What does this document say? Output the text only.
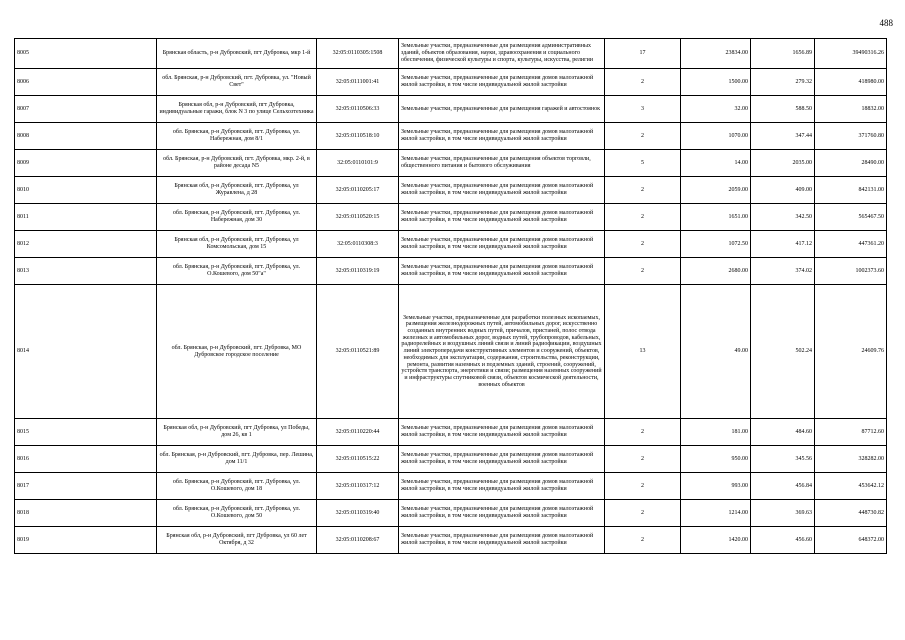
488
8005	Брянская область, р-н Дубровский, пгт Дубровка, мкр 1-й	32:05:0110305:1508	Земельные участки, предназначенные для размещения административных зданий, объектов образования, науки, здравоохранения и социального обеспечения, физической культуры и спорта, культуры, искусства, религии	17	23834.00	1656.89	39490316.26
8006	обл. Брянская, р-н Дубровский, пгт. Дубровка, ул. "Новый Свет"	32:05:0111001:41	Земельные участки, предназначенные для размещения домов малоэтажной жилой застройки, в том числе индивидуальной жилой застройки	2	1500.00	279.32	418980.00
8007	Брянская обл, р-н Дубровский, пгт Дубровка, индивидуальные гаражи, блок N 3 по улице Сельхозтехника	32:05:0110506:33	Земельные участки, предназначенные для размещения гаражей и автостоянок	3	32.00	588.50	18832.00
8008	обл. Брянская, р-н Дубровский, пгт. Дубровка, ул. Набережная, дом 8/1	32:05:0110518:10	Земельные участки, предназначенные для размещения домов малоэтажной жилой застройки, в том числе индивидуальной жилой застройки	2	1070.00	347.44	371760.80
8009	обл. Брянская, р-н Дубровский, пгт. Дубровка, мкр. 2-й, в районе десада N5	32:05:0110101:9	Земельные участки, предназначенные для размещения объектов торговли, общественного питания и бытового обслуживания	5	14.00	2035.00	28490.00
8010	Брянская обл, р-н Дубровский, пгт. Дубровка, ул Журавлена, д 28	32:05:0110205:17	Земельные участки, предназначенные для размещения домов малоэтажной жилой застройки, в том числе индивидуальной жилой застройки	2	2059.00	409.00	842131.00
8011	обл. Брянская, р-н Дубровский, пгт. Дубровка, ул. Набережная, дом 30	32:05:0110520:15	Земельные участки, предназначенные для размещения домов малоэтажной жилой застройки, в том числе индивидуальной жилой застройки	2	1651.00	342.50	565467.50
8012	Брянская обл, р-н Дубровский, пгт. Дубровка, ул Комсомольская, дом 15	32:05:0110308:3	Земельные участки, предназначенные для размещения домов малоэтажной жилой застройки, в том числе индивидуальной жилой застройки	2	1072.50	417.12	447361.20
8013	обл. Брянская, р-н Дубровский, пгт. Дубровка, ул. О.Кошевого, дом 50"а"	32:05:0110319:19	Земельные участки, предназначенные для размещения домов малоэтажной жилой застройки, в том числе индивидуальной жилой застройки	2	2680.00	374.02	1002373.60
8014	обл. Брянская, р-н Дубровский, пгт. Дубровка, МО Дубровское городское поселение	32:05:0110521:89	Земельные участки, предназначенные для разработки полезных ископаемых, размещения железнодорожных путей, автомобильных дорог, искусственно созданных внутренних водных путей, причалов, пристаней, полос отвода железных и автомобильных дорог, водных путей, трубопроводов, кабельных, радиорелейных и воздушных линий связи и линий радиофикации, воздушных линий электропередачи конструктивных элементов и сооружений, объектов, необходимых для эксплуатации, содержания, строительства, реконструкции, ремонта, развития наземных и подземных зданий, строений, сооружений, устройств транспорта, энергетики и связи; размещения наземных сооружений и инфраструктуры спутниковой связи, объектов космической деятельности, военных объектов	13	49.00	502.24	24609.76
8015	Брянская обл, р-н Дубровский, пгт Дубровка, ул Победы, дом 26, кв 1	32:05:0110220:44	Земельные участки, предназначенные для размещения домов малоэтажной жилой застройки, в том числе индивидуальной жилой застройки	2	181.00	484.60	87712.60
8016	обл. Брянская, р-н Дубровский, пгт. Дубровка, пер. Лешина, дом 11/1	32:05:0110515:22	Земельные участки, предназначенные для размещения домов малоэтажной жилой застройки, в том числе индивидуальной жилой застройки	2	950.00	345.56	328282.00
8017	обл. Брянская, р-н Дубровский, пгт. Дубровка, ул. О.Кошевого, дом 18	32:05:0110317:12	Земельные участки, предназначенные для размещения домов малоэтажной жилой застройки, в том числе индивидуальной жилой застройки	2	993.00	456.84	453642.12
8018	обл. Брянская, р-н Дубровский, пгт. Дубровка, ул. О.Кошевого, дом 50	32:05:0110319:40	Земельные участки, предназначенные для размещения домов малоэтажной жилой застройки, в том числе индивидуальной жилой застройки	2	1214.00	369.63	448730.82
8019	Брянская обл, р-н Дубровский, пгт Дубровка, ул 60 лет Октября, д 32	32:05:0110208:67	Земельные участки, предназначенные для размещения домов малоэтажной жилой застройки, в том числе индивидуальной жилой застройки	2	1420.00	456.60	648372.00
